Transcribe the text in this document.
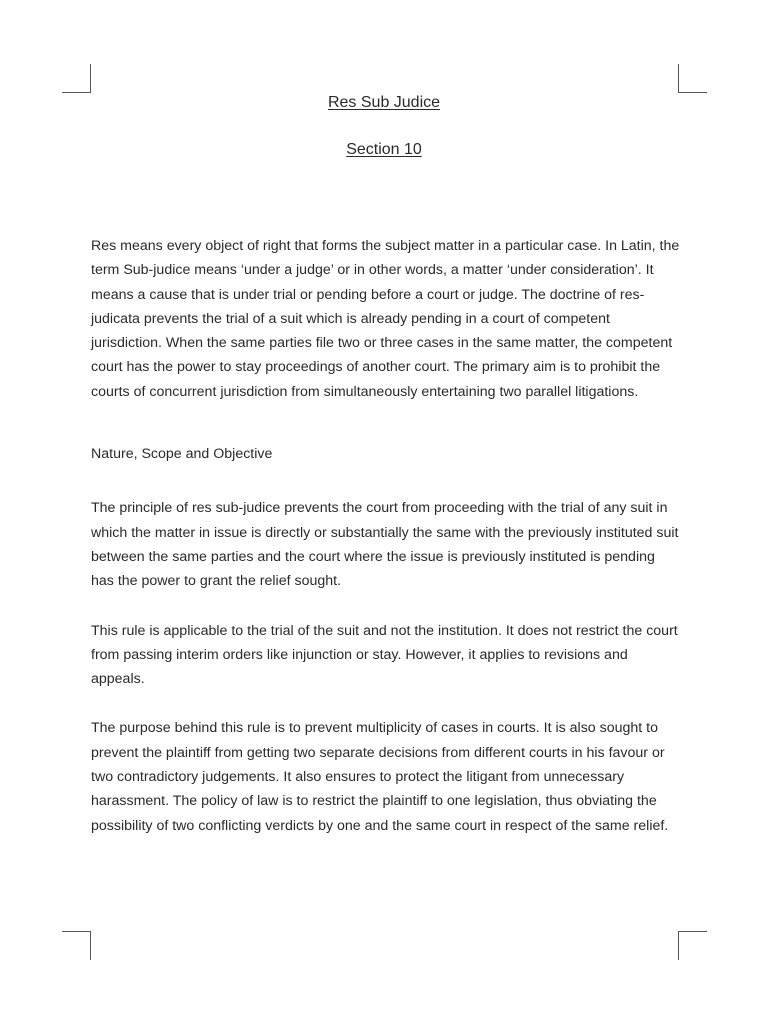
Res Sub Judice
Section 10

Res means every object of right that forms the subject matter in a particular case. In Latin, the term Sub-judice means ‘under a judge’ or in other words, a matter ‘under consideration’. It means a cause that is under trial or pending before a court or judge. The doctrine of res-judicata prevents the trial of a suit which is already pending in a court of competent jurisdiction. When the same parties file two or three cases in the same matter, the competent court has the power to stay proceedings of another court. The primary aim is to prohibit the courts of concurrent jurisdiction from simultaneously entertaining two parallel litigations.

Nature, Scope and Objective

The principle of res sub-judice prevents the court from proceeding with the trial of any suit in which the matter in issue is directly or substantially the same with the previously instituted suit between the same parties and the court where the issue is previously instituted is pending has the power to grant the relief sought.

This rule is applicable to the trial of the suit and not the institution. It does not restrict the court from passing interim orders like injunction or stay. However, it applies to revisions and appeals.

The purpose behind this rule is to prevent multiplicity of cases in courts. It is also sought to prevent the plaintiff from getting two separate decisions from different courts in his favour or two contradictory judgements. It also ensures to protect the litigant from unnecessary harassment. The policy of law is to restrict the plaintiff to one legislation, thus obviating the possibility of two conflicting verdicts by one and the same court in respect of the same relief.
